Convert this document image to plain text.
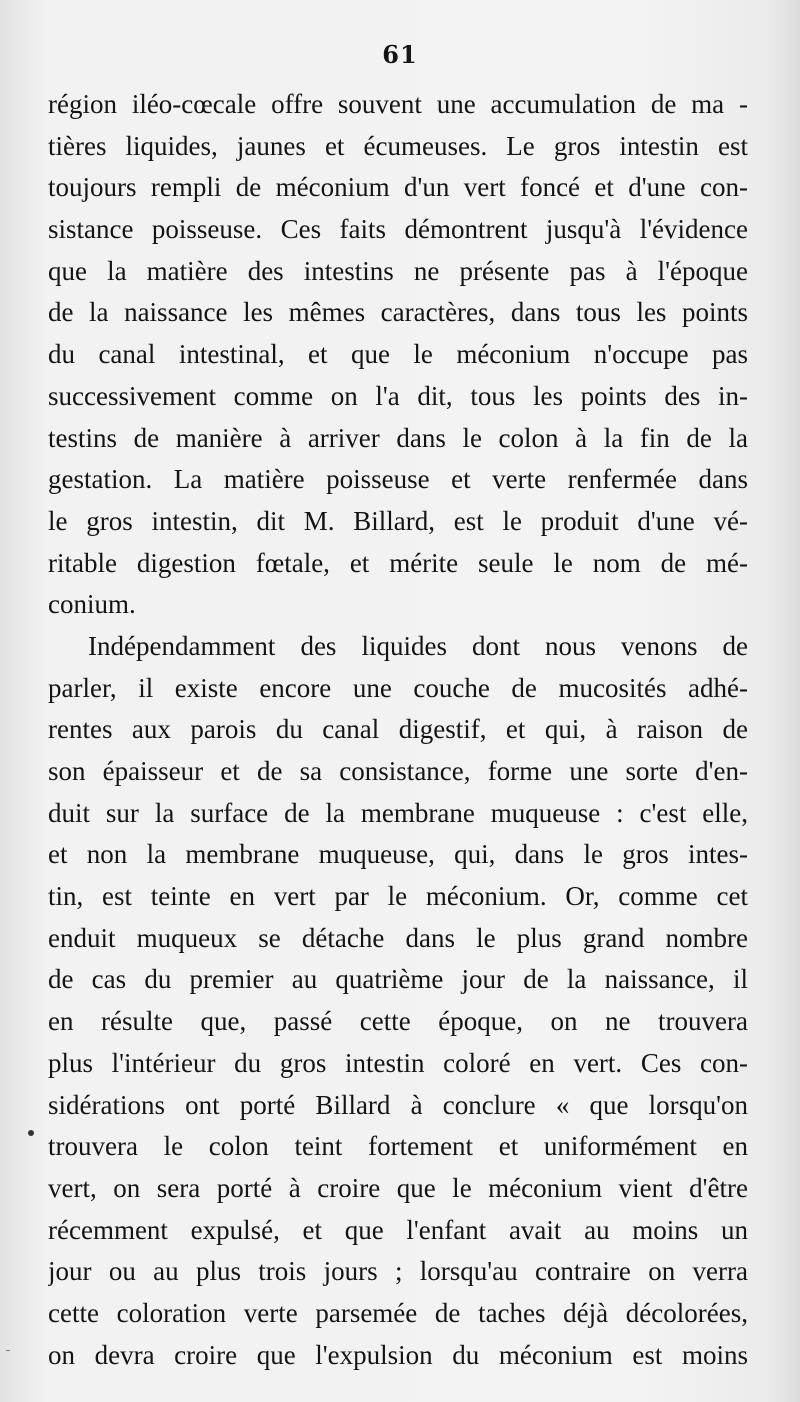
61
région iléo-cœcale offre souvent une accumulation de ma -
tières liquides, jaunes et écumeuses. Le gros intestin est
toujours rempli de méconium d'un vert foncé et d'une con-
sistance poisseuse. Ces faits démontrent jusqu'à l'évidence
que la matière des intestins ne présente pas à l'époque
de la naissance les mêmes caractères, dans tous les points
du canal intestinal, et que le méconium n'occupe pas
successivement comme on l'a dit, tous les points des in-
testins de manière à arriver dans le colon à la fin de la
gestation. La matière poisseuse et verte renfermée dans
le gros intestin, dit M. Billard, est le produit d'une vé-
ritable digestion fœtale, et mérite seule le nom de mé-
conium.
Indépendamment des liquides dont nous venons de
parler, il existe encore une couche de mucosités adhé-
rentes aux parois du canal digestif, et qui, à raison de
son épaisseur et de sa consistance, forme une sorte d'en-
duit sur la surface de la membrane muqueuse : c'est elle,
et non la membrane muqueuse, qui, dans le gros intes-
tin, est teinte en vert par le méconium. Or, comme cet
enduit muqueux se détache dans le plus grand nombre
de cas du premier au quatrième jour de la naissance, il
en résulte que, passé cette époque, on ne trouvera
plus l'intérieur du gros intestin coloré en vert. Ces con-
sidérations ont porté Billard à conclure « que lorsqu'on
trouvera le colon teint fortement et uniformément en
vert, on sera porté à croire que le méconium vient d'être
récemment expulsé, et que l'enfant avait au moins un
jour ou au plus trois jours ; lorsqu'au contraire on verra
cette coloration verte parsemée de taches déjà décolorées,
on devra croire que l'expulsion du méconium est moins
